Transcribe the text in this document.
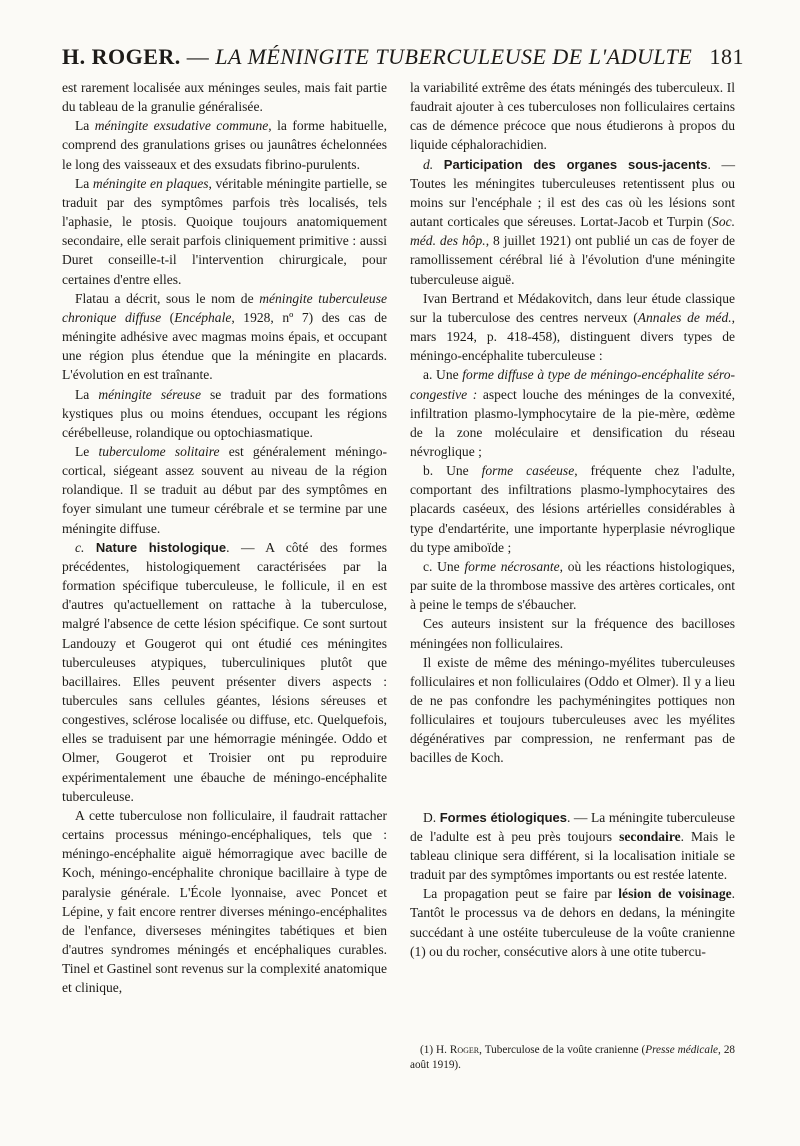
H. ROGER. — LA MÉNINGITE TUBERCULEUSE DE L'ADULTE 181

est rarement localisée aux méninges seules, mais fait partie du tableau de la granulie généralisée.

La méningite exsudative commune, la forme habituelle, comprend des granulations grises ou jaunâtres échelonnées le long des vaisseaux et des exsudats fibrino-purulents.

La méningite en plaques, véritable méningite partielle, se traduit par des symptômes parfois très localisés, tels l'aphasie, le ptosis. Quoique toujours anatomiquement secondaire, elle serait parfois cliniquement primitive : aussi Duret conseille-t-il l'intervention chirurgicale, pour certaines d'entre elles.

Flatau a décrit, sous le nom de méningite tuberculeuse chronique diffuse (Encéphale, 1928, nº 7) des cas de méningite adhésive avec magmas moins épais, et occupant une région plus étendue que la méningite en placards. L'évolution en est traînante.

La méningite séreuse se traduit par des formations kystiques plus ou moins étendues, occupant les régions cérébelleuse, rolandique ou optochiasmatique.

Le tuberculome solitaire est généralement méningo-cortical, siégeant assez souvent au niveau de la région rolandique. Il se traduit au début par des symptômes en foyer simulant une tumeur cérébrale et se termine par une méningite diffuse.

c. Nature histologique. — A côté des formes précédentes, histologiquement caractérisées par la formation spécifique tuberculeuse, le follicule, il en est d'autres qu'actuellement on rattache à la tuberculose, malgré l'absence de cette lésion spécifique. Ce sont surtout Landouzy et Gougerot qui ont étudié ces méningites tuberculeuses atypiques, tuberculiniques plutôt que bacillaires. Elles peuvent présenter divers aspects : tubercules sans cellules géantes, lésions séreuses et congestives, sclérose localisée ou diffuse, etc. Quelquefois, elles se traduisent par une hémorragie méningée. Oddo et Olmer, Gougerot et Troisier ont pu reproduire expérimentalement une ébauche de méningo-encéphalite tuberculeuse.

A cette tuberculose non folliculaire, il faudrait rattacher certains processus méningo-encéphaliques, tels que : méningo-encéphalite aiguë hémorragique avec bacille de Koch, méningo-encéphalite chronique bacillaire à type de paralysie générale. L'École lyonnaise, avec Poncet et Lépine, y fait encore rentrer diverses méningo-encéphalites de l'enfance, diverseses méningites tabétiques et bien d'autres syndromes méningés et encéphaliques curables. Tinel et Gastinel sont revenus sur la complexité anatomique et clinique,

la variabilité extrême des états méningés des tuberculeux. Il faudrait ajouter à ces tuberculoses non folliculaires certains cas de démence précoce que nous étudierons à propos du liquide céphalorachidien.

d. Participation des organes sous-jacents. — Toutes les méningites tuberculeuses retentissent plus ou moins sur l'encéphale ; il est des cas où les lésions sont autant corticales que séreuses. Lortat-Jacob et Turpin (Soc. méd. des hôp., 8 juillet 1921) ont publié un cas de foyer de ramollissement cérébral lié à l'évolution d'une méningite tuberculeuse aiguë.

Ivan Bertrand et Médakovitch, dans leur étude classique sur la tuberculose des centres nerveux (Annales de méd., mars 1924, p. 418-458), distinguent divers types de méningo-encéphalite tuberculeuse :

a. Une forme diffuse à type de méningo-encéphalite séro-congestive : aspect louche des méninges de la convexité, infiltration plasmo-lymphocytaire de la pie-mère, œdème de la zone moléculaire et densification du réseau névroglique ;

b. Une forme caséeuse, fréquente chez l'adulte, comportant des infiltrations plasmo-lymphocytaires des placards caséeux, des lésions artérielles considérables à type d'endartérite, une importante hyperplasie névroglique du type amiboïde ;

c. Une forme nécrosante, où les réactions histologiques, par suite de la thrombose massive des artères corticales, ont à peine le temps de s'ébaucher.

Ces auteurs insistent sur la fréquence des bacilloses méningées non folliculaires.

Il existe de même des méningo-myélites tuberculeuses folliculaires et non folliculaires (Oddo et Olmer). Il y a lieu de ne pas confondre les pachyméningites pottiques non folliculaires et toujours tuberculeuses avec les myélites dégénératives par compression, ne renfermant pas de bacilles de Koch.

D. Formes étiologiques. — La méningite tuberculeuse de l'adulte est à peu près toujours secondaire. Mais le tableau clinique sera différent, si la localisation initiale se traduit par des symptômes importants ou est restée latente.

La propagation peut se faire par lésion de voisinage. Tantôt le processus va de dehors en dedans, la méningite succédant à une ostéite tuberculeuse de la voûte cranienne (1) ou du rocher, consécutive alors à une otite tubercu-

(1) H. Roger, Tuberculose de la voûte cranienne (Presse médicale, 28 août 1919).
